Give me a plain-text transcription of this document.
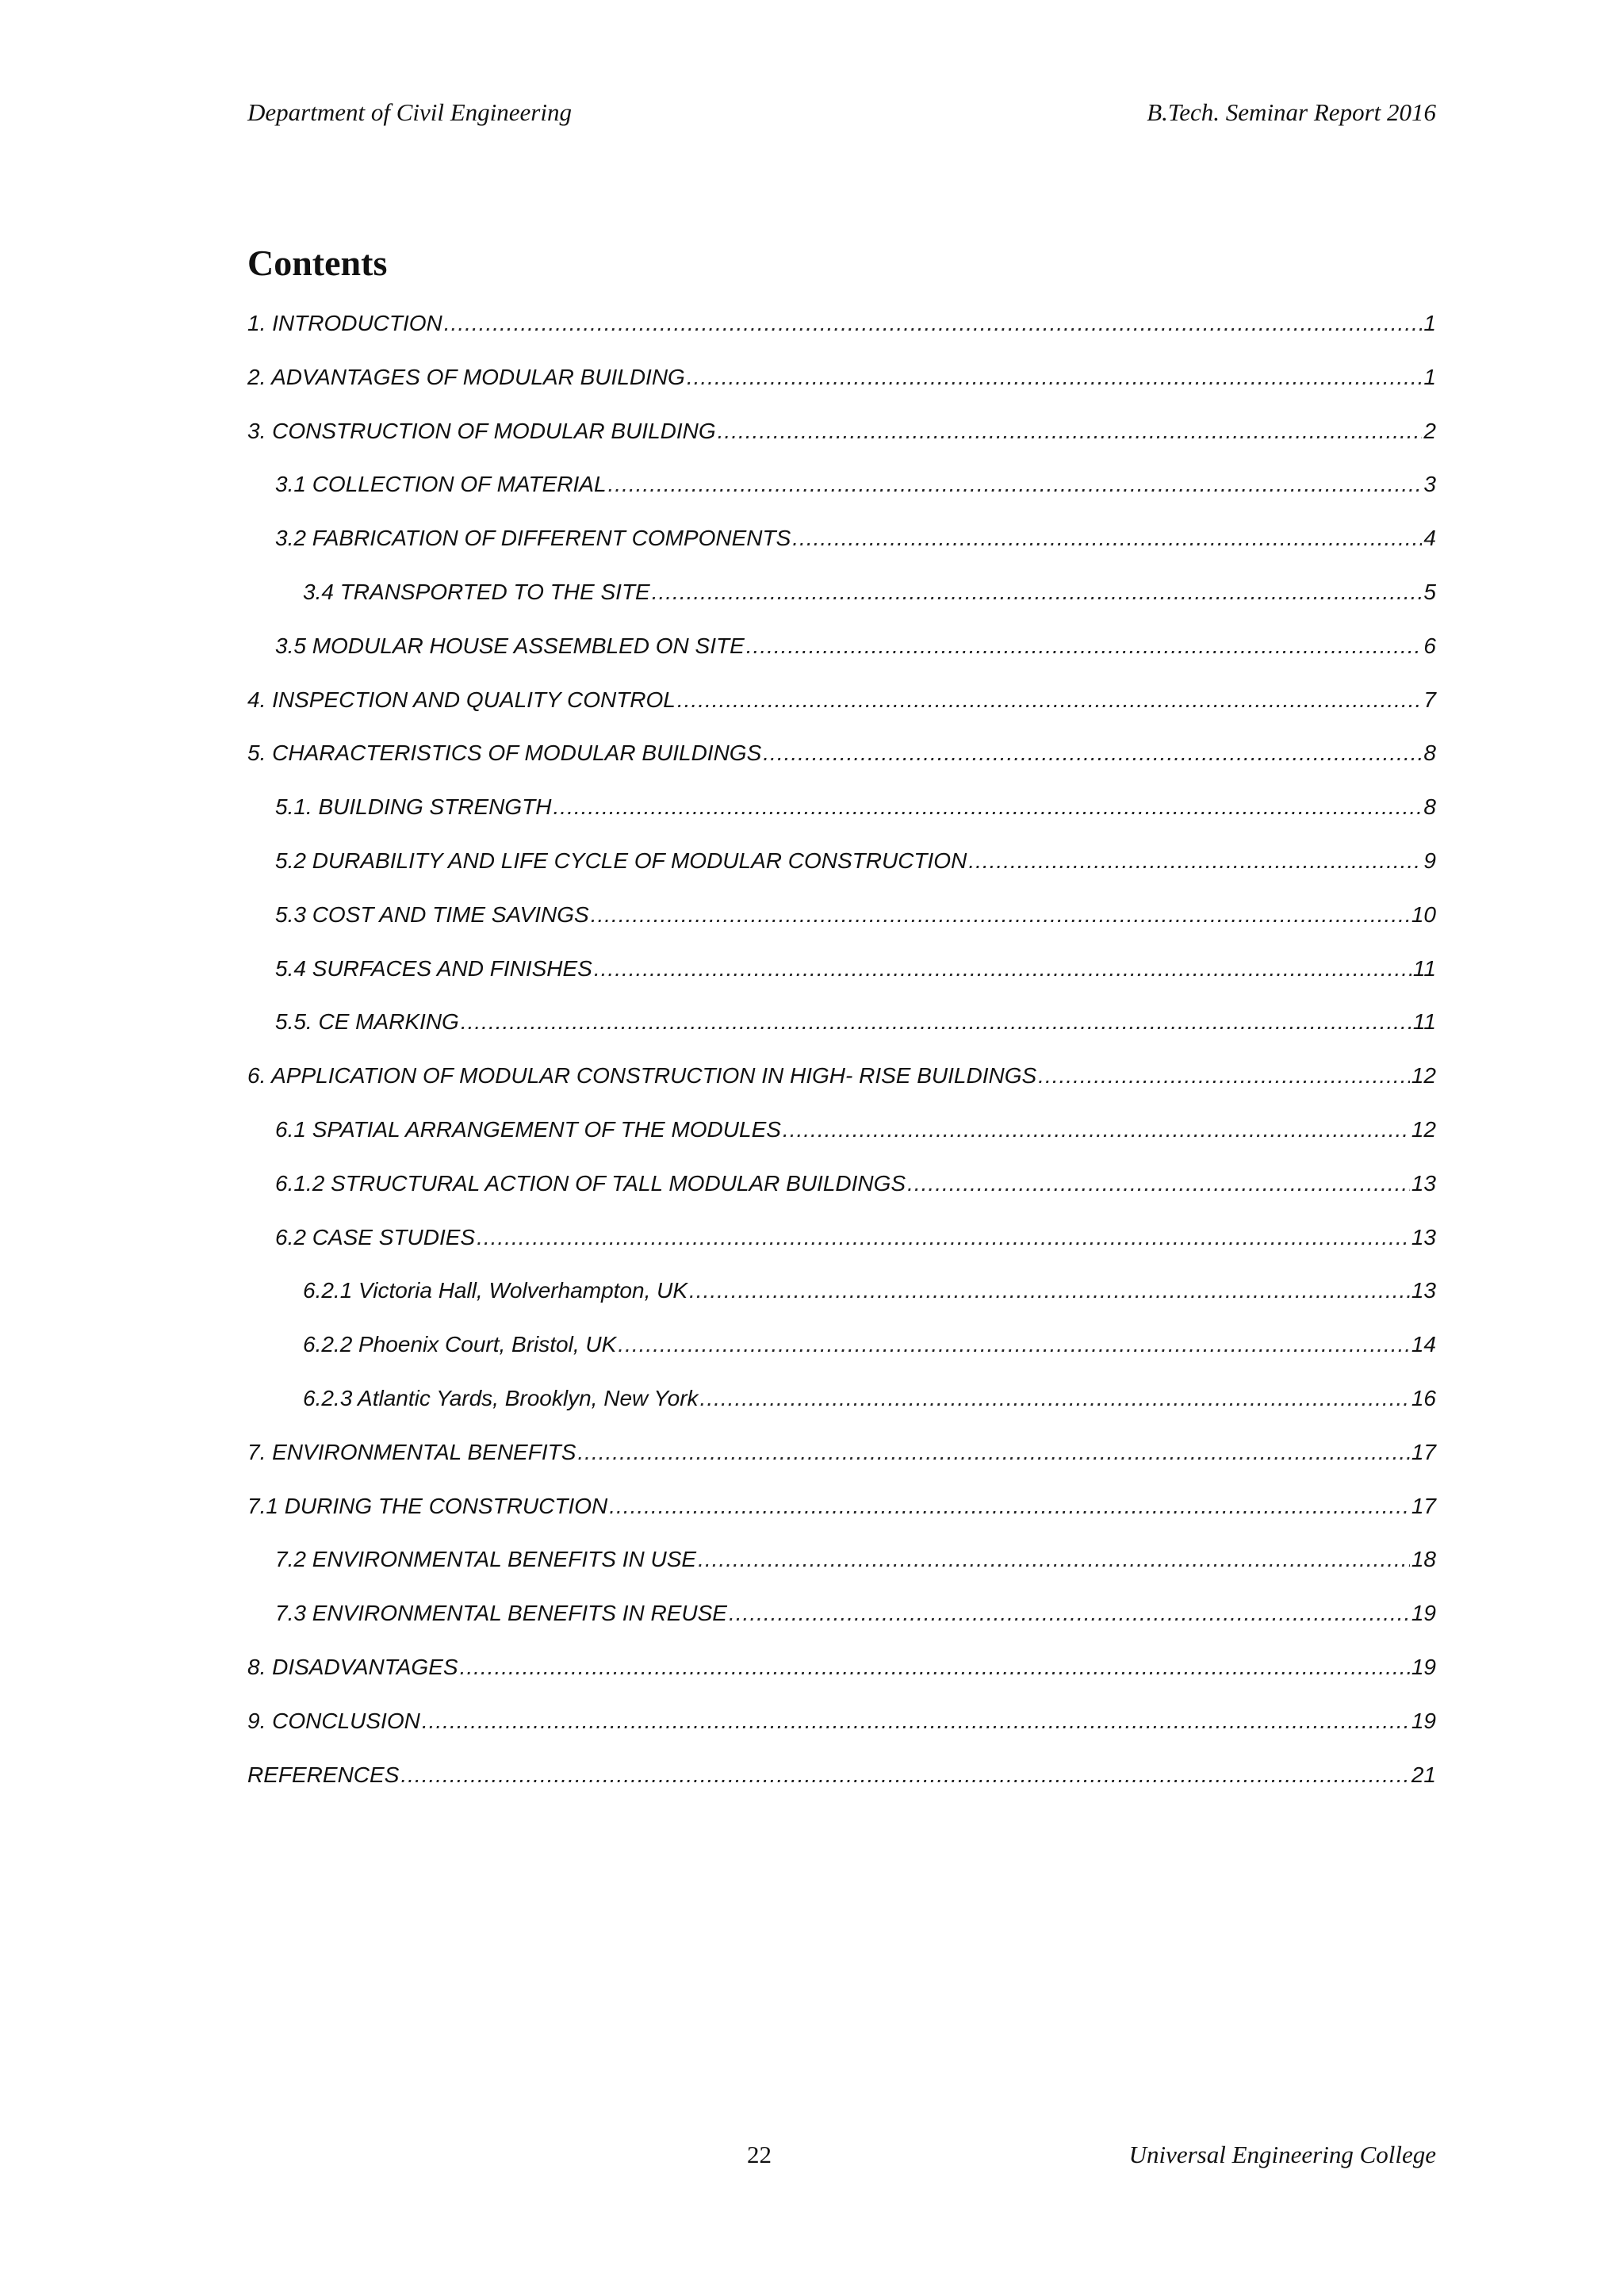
Department of Civil Engineering	B.Tech. Seminar Report 2016
Contents
1. INTRODUCTION .....	1
2. ADVANTAGES OF MODULAR BUILDING .....	1
3. CONSTRUCTION OF MODULAR BUILDING .....	2
3.1 COLLECTION OF MATERIAL .....	3
3.2 FABRICATION OF DIFFERENT COMPONENTS .....	4
3.4 TRANSPORTED TO THE SITE .....	5
3.5 MODULAR HOUSE ASSEMBLED ON SITE .....	6
4. INSPECTION AND QUALITY CONTROL .....	7
5. CHARACTERISTICS OF MODULAR BUILDINGS .....	8
5.1. BUILDING STRENGTH .....	8
5.2 DURABILITY AND LIFE CYCLE OF MODULAR CONSTRUCTION .....	9
5.3 COST AND TIME SAVINGS .....	10
5.4 SURFACES AND FINISHES .....	11
5.5. CE MARKING .....	11
6. APPLICATION OF MODULAR CONSTRUCTION IN HIGH- RISE BUILDINGS .....	12
6.1 SPATIAL ARRANGEMENT OF THE MODULES .....	12
6.1.2 STRUCTURAL ACTION OF TALL MODULAR BUILDINGS .....	13
6.2 CASE STUDIES .....	13
6.2.1 Victoria Hall, Wolverhampton, UK .....	13
6.2.2 Phoenix Court, Bristol, UK .....	14
6.2.3 Atlantic Yards, Brooklyn, New York .....	16
7. ENVIRONMENTAL BENEFITS .....	17
7.1 DURING THE CONSTRUCTION .....	17
7.2 ENVIRONMENTAL BENEFITS IN USE .....	18
7.3 ENVIRONMENTAL BENEFITS IN REUSE .....	19
8. DISADVANTAGES .....	19
9. CONCLUSION .....	19
REFERENCES .....	21
22	Universal Engineering College
